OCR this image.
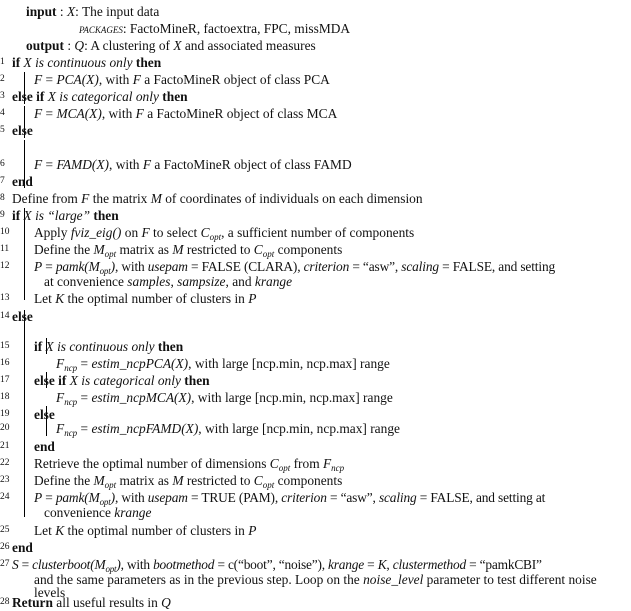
input : X: The input data
packages: FactoMineR, factoextra, FPC, missMDA
output : Q: A clustering of X and associated measures
1 if X is continuous only then
2	F = PCA(X), with F a FactoMineR object of class PCA
3 else if X is categorical only then
4	F = MCA(X), with F a FactoMineR object of class MCA
5 else
6	F = FAMD(X), with F a FactoMineR object of class FAMD
7 end
8 Define from F the matrix M of coordinates of individuals on each dimension
9 if X is “large” then
10	Apply fviz_eig() on F to select $C_{opt}$, a sufficient number of components
11	Define the $M_{opt}$ matrix as M restricted to $C_{opt}$ components
12	$P = pamk(M_{opt})$, with usepam = FALSE (CLARA), criterion = “asw”, scaling = FALSE, and setting
at convenience samples, sampsize, and krange
13	Let K the optimal number of clusters in P
14 else
15	if X is continuous only then
16	$F_{ncp}$ = estim_ncpPCA(X), with large [ncp.min, ncp.max] range
17	else if X is categorical only then
18	$F_{ncp}$ = estim_ncpMCA(X), with large [ncp.min, ncp.max] range
19	else
20	$F_{ncp}$ = estim_ncpFAMD(X), with large [ncp.min, ncp.max] range
21	end
22	Retrieve the optimal number of dimensions $C_{opt}$ from $F_{ncp}$
23	Define the $M_{opt}$ matrix as M restricted to $C_{opt}$ components
24	$P = pamk(M_{opt})$, with usepam = TRUE (PAM), criterion = “asw”, scaling = FALSE, and setting at
convenience krange
25	Let K the optimal number of clusters in P
26 end
27 $S = clusterboot(M_{opt})$, with bootmethod = c(“boot”, “noise”), krange = K, clustermethod = “pamkCBI”
and the same parameters as in the previous step. Loop on the noise_level parameter to test different noise
levels
28 Return all useful results in Q
